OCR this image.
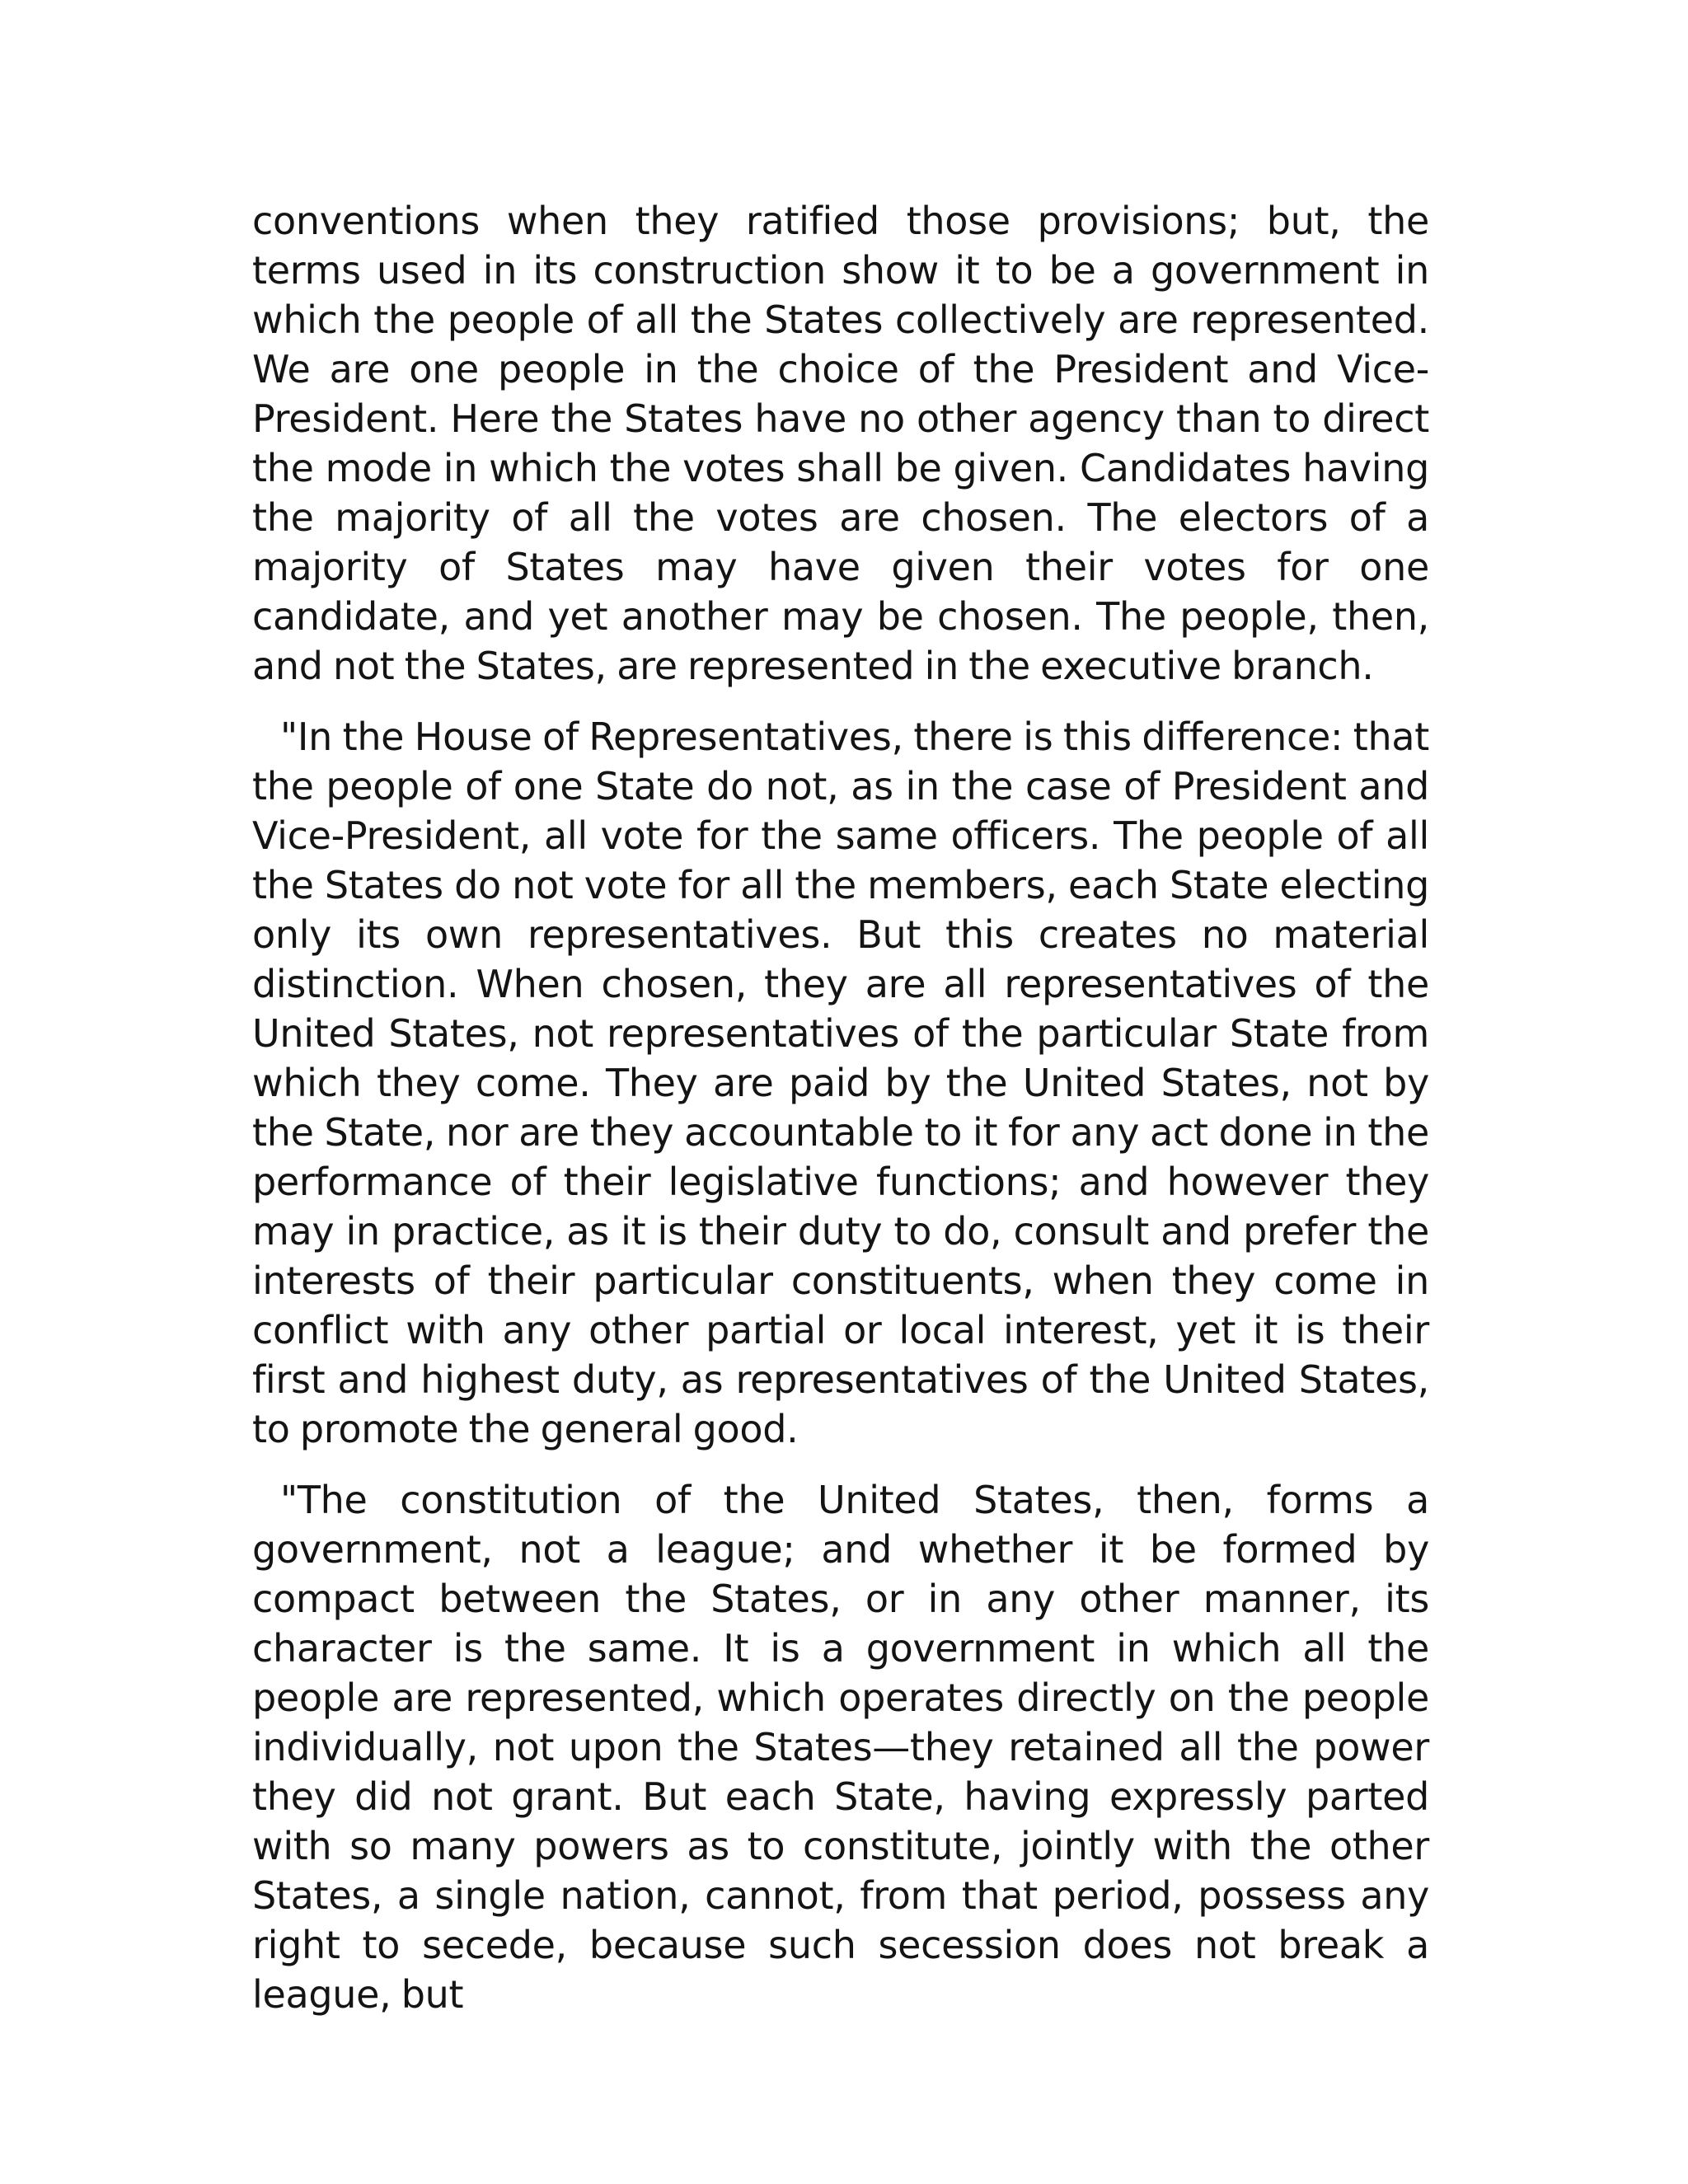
conventions when they ratified those provisions; but, the terms used in its construction show it to be a government in which the people of all the States collectively are represented. We are one people in the choice of the President and Vice-President. Here the States have no other agency than to direct the mode in which the votes shall be given. Candidates having the majority of all the votes are chosen. The electors of a majority of States may have given their votes for one candidate, and yet another may be chosen. The people, then, and not the States, are represented in the executive branch.

"In the House of Representatives, there is this difference: that the people of one State do not, as in the case of President and Vice-President, all vote for the same officers. The people of all the States do not vote for all the members, each State electing only its own representatives. But this creates no material distinction. When chosen, they are all representatives of the United States, not representatives of the particular State from which they come. They are paid by the United States, not by the State, nor are they accountable to it for any act done in the performance of their legislative functions; and however they may in practice, as it is their duty to do, consult and prefer the interests of their particular constituents, when they come in conflict with any other partial or local interest, yet it is their first and highest duty, as representatives of the United States, to promote the general good.

"The constitution of the United States, then, forms a government, not a league; and whether it be formed by compact between the States, or in any other manner, its character is the same. It is a government in which all the people are represented, which operates directly on the people individually, not upon the States—they retained all the power they did not grant. But each State, having expressly parted with so many powers as to constitute, jointly with the other States, a single nation, cannot, from that period, possess any right to secede, because such secession does not break a league, but
